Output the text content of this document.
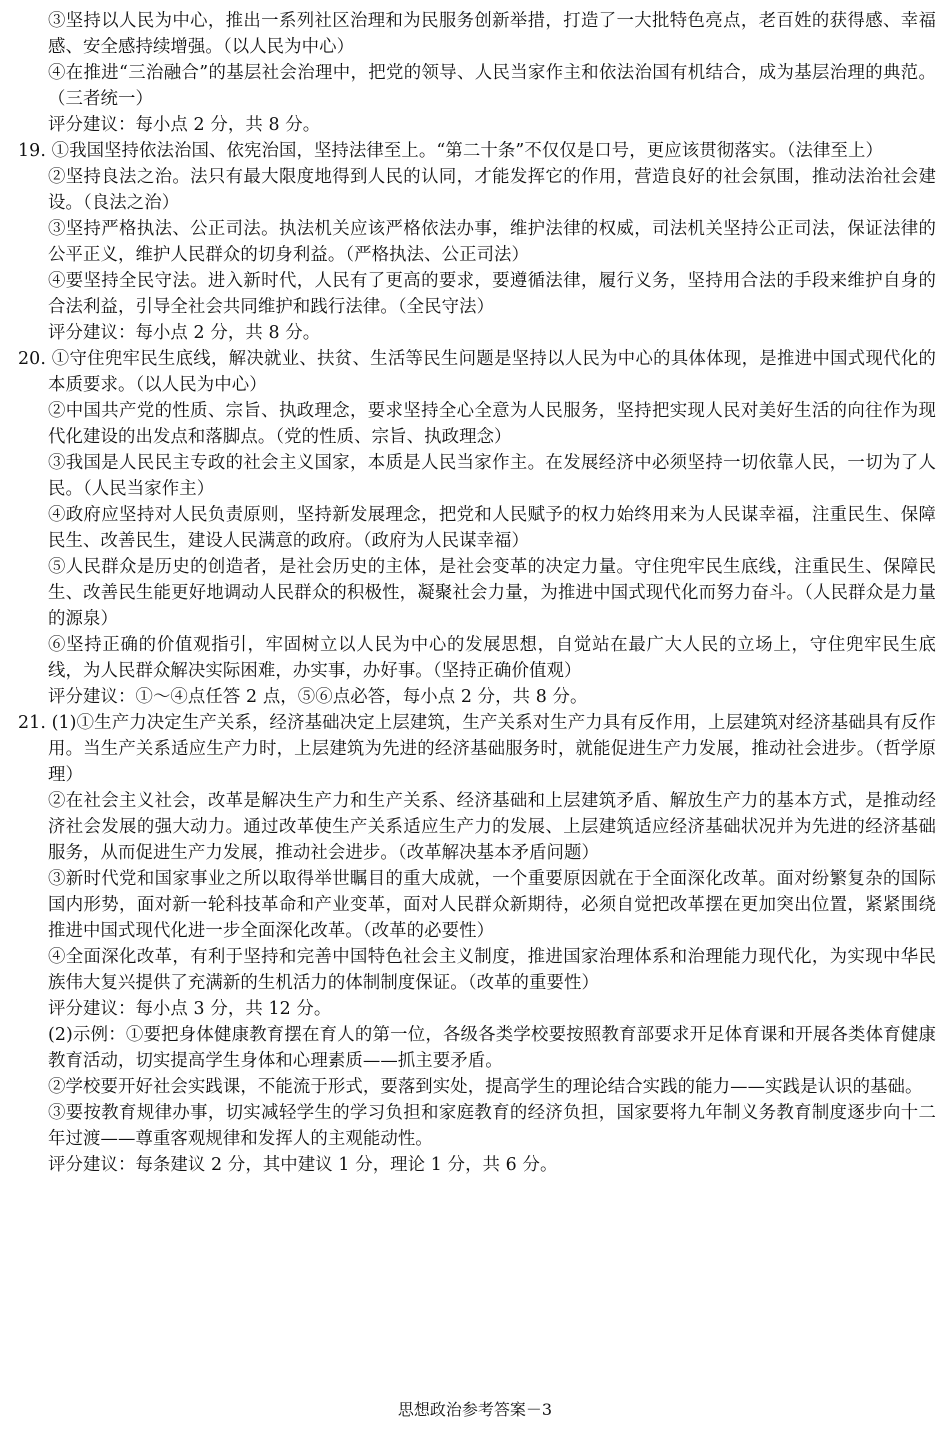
③坚持以人民为中心，推出一系列社区治理和为民服务创新举措，打造了一大批特色亮点，老百姓的获得感、幸福感、安全感持续增强。（以人民为中心）

④在推进“三治融合”的基层社会治理中，把党的领导、人民当家作主和依法治国有机结合，成为基层治理的典范。（三者统一）

评分建议：每小点 2 分，共 8 分。

19. ①我国坚持依法治国、依宪治国，坚持法律至上。“第二十条”不仅仅是口号，更应该贯彻落实。（法律至上）

②坚持良法之治。法只有最大限度地得到人民的认同，才能发挥它的作用，营造良好的社会氛围，推动法治社会建设。（良法之治）

③坚持严格执法、公正司法。执法机关应该严格依法办事，维护法律的权威，司法机关坚持公正司法，保证法律的公平正义，维护人民群众的切身利益。（严格执法、公正司法）

④要坚持全民守法。进入新时代，人民有了更高的要求，要遵循法律，履行义务，坚持用合法的手段来维护自身的合法利益，引导全社会共同维护和践行法律。（全民守法）

评分建议：每小点 2 分，共 8 分。

20. ①守住兜牢民生底线，解决就业、扶贫、生活等民生问题是坚持以人民为中心的具体体现，是推进中国式现代化的本质要求。（以人民为中心）

②中国共产党的性质、宗旨、执政理念，要求坚持全心全意为人民服务，坚持把实现人民对美好生活的向往作为现代化建设的出发点和落脚点。（党的性质、宗旨、执政理念）

③我国是人民民主专政的社会主义国家，本质是人民当家作主。在发展经济中必须坚持一切依靠人民，一切为了人民。（人民当家作主）

④政府应坚持对人民负责原则，坚持新发展理念，把党和人民赋予的权力始终用来为人民谋幸福，注重民生、保障民生、改善民生，建设人民满意的政府。（政府为人民谋幸福）

⑤人民群众是历史的创造者，是社会历史的主体，是社会变革的决定力量。守住兜牢民生底线，注重民生、保障民生、改善民生能更好地调动人民群众的积极性，凝聚社会力量，为推进中国式现代化而努力奋斗。（人民群众是力量的源泉）

⑥坚持正确的价值观指引，牢固树立以人民为中心的发展思想，自觉站在最广大人民的立场上，守住兜牢民生底线，为人民群众解决实际困难，办实事，办好事。（坚持正确价值观）

评分建议：①～④点任答 2 点，⑤⑥点必答，每小点 2 分，共 8 分。

21. (1)①生产力决定生产关系，经济基础决定上层建筑，生产关系对生产力具有反作用，上层建筑对经济基础具有反作用。当生产关系适应生产力时，上层建筑为先进的经济基础服务时，就能促进生产力发展，推动社会进步。（哲学原理）

②在社会主义社会，改革是解决生产力和生产关系、经济基础和上层建筑矛盾、解放生产力的基本方式，是推动经济社会发展的强大动力。通过改革使生产关系适应生产力的发展、上层建筑适应经济基础状况并为先进的经济基础服务，从而促进生产力发展，推动社会进步。（改革解决基本矛盾问题）

③新时代党和国家事业之所以取得举世瞩目的重大成就，一个重要原因就在于全面深化改革。面对纷繁复杂的国际国内形势，面对新一轮科技革命和产业变革，面对人民群众新期待，必须自觉把改革摆在更加突出位置，紧紧围绕推进中国式现代化进一步全面深化改革。（改革的必要性）

④全面深化改革，有利于坚持和完善中国特色社会主义制度，推进国家治理体系和治理能力现代化，为实现中华民族伟大复兴提供了充满新的生机活力的体制制度保证。（改革的重要性）

评分建议：每小点 3 分，共 12 分。

(2)示例：①要把身体健康教育摆在育人的第一位，各级各类学校要按照教育部要求开足体育课和开展各类体育健康教育活动，切实提高学生身体和心理素质——抓主要矛盾。

②学校要开好社会实践课，不能流于形式，要落到实处，提高学生的理论结合实践的能力——实践是认识的基础。

③要按教育规律办事，切实减轻学生的学习负担和家庭教育的经济负担，国家要将九年制义务教育制度逐步向十二年过渡——尊重客观规律和发挥人的主观能动性。

评分建议：每条建议 2 分，其中建议 1 分，理论 1 分，共 6 分。

思想政治参考答案－3
